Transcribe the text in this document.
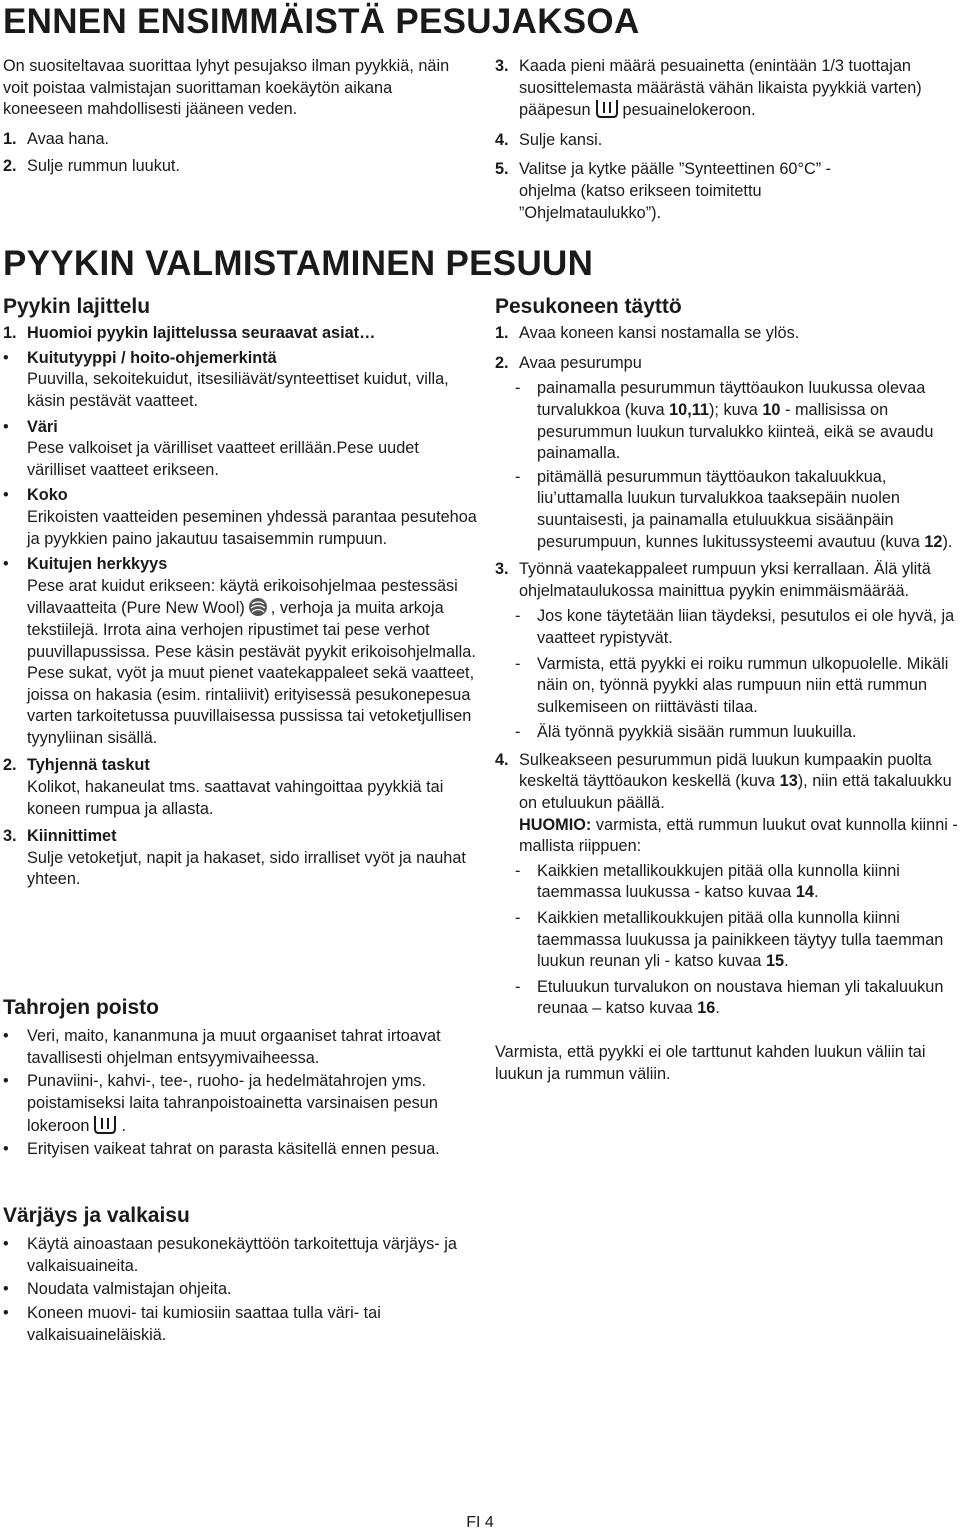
ENNEN ENSIMMÄISTÄ PESUJAKSOA

On suositeltavaa suorittaa lyhyt pesujakso ilman pyykkiä, näin voit poistaa valmistajan suorittaman koekäytön aikana koneeseen mahdollisesti jääneen veden.

1. Avaa hana.
2. Sulje rummun luukut.
3. Kaada pieni määrä pesuainetta (enintään 1/3 tuottajan suosittelemasta määrästä vähän likaista pyykkiä varten) pääpesun pesuainelokeroon.
4. Sulje kansi.
5. Valitse ja kytke päälle ”Synteettinen 60°C” - ohjelma (katso erikseen toimitettu ”Ohjelmataulukko”).
PYYKIN VALMISTAMINEN PESUUN
Pyykin lajittelu
1. Huomioi pyykin lajittelussa seuraavat asiat…
•	Kuitutyyppi / hoito-ohjemerkintä
Puuvilla, sekoitekuidut, itsesiliävät/synteettiset kuidut, villa, käsin pestävät vaatteet.
•	Väri
Pese valkoiset ja värilliset vaatteet erillään.Pese uudet värilliset vaatteet erikseen.
•	Koko
Erikoisten vaatteiden peseminen yhdessä parantaa pesutehoa ja pyykkien paino jakautuu tasaisemmin rumpuun.
•	Kuitujen herkkyys
Pese arat kuidut erikseen: käytä erikoisohjelmaa pestessäsi villavaatteita (Pure New Wool) , verhoja ja muita arkoja tekstiilejä. Irrota aina verhojen ripustimet tai pese verhot puuvillapussissa. Pese käsin pestävät pyykit erikoisohjelmalla. Pese sukat, vyöt ja muut pienet vaatekappaleet sekä vaatteet, joissa on hakasia (esim. rintaliivit) erityisessä pesukonepesua varten tarkoitetussa puuvillaisessa pussissa tai vetoketjullisen tyynyliinan sisällä.
2. Tyhjennä taskut
Kolikot, hakaneulat tms. saattavat vahingoittaa pyykkiä tai koneen rumpua ja allasta.
3. Kiinnittimet
Sulje vetoketjut, napit ja hakaset, sido irralliset vyöt ja nauhat yhteen.
Tahrojen poisto
•	Veri, maito, kananmuna ja muut orgaaniset tahrat irtoavat tavallisesti ohjelman entsyymivaiheessa.
•	Punaviini-, kahvi-, tee-, ruoho- ja hedelmätahrojen yms. poistamiseksi laita tahranpoistoainetta varsinaisen pesun lokeroon .
•	Erityisen vaikeat tahrat on parasta käsitellä ennen pesua.
Värjäys ja valkaisu
•	Käytä ainoastaan pesukonekäyttöön tarkoitettuja värjäys- ja valkaisuaineita.
•	Noudata valmistajan ohjeita.
•	Koneen muovi- tai kumiosiin saattaa tulla väri- tai valkaisuaineläiskiä.
Pesukoneen täyttö
1. Avaa koneen kansi nostamalla se ylös.
2. Avaa pesurumpu
-	painamalla pesurummun täyttöaukon luukussa olevaa turvalukkoa (kuva 10,11); kuva 10 - mallisissa on pesurummun luukun turvalukko kiinteä, eikä se avaudu painamalla.
-	pitämällä pesurummun täyttöaukon takaluukkua, liu’uttamalla luukun turvalukkoa taaksepäin nuolen suuntaisesti, ja painamalla etuluukkua sisäänpäin pesurumpuun, kunnes lukitussysteemi avautuu (kuva 12).
3. Työnnä vaatekappaleet rumpuun yksi kerrallaan. Älä ylitä ohjelmataulukossa mainittua pyykin enimmäismäärää.
-	Jos kone täytetään liian täydeksi, pesutulos ei ole hyvä, ja vaatteet rypistyvät.
-	Varmista, että pyykki ei roiku rummun ulkopuolelle. Mikäli näin on, työnnä pyykki alas rumpuun niin että rummun sulkemiseen on riittävästi tilaa.
-	Älä työnnä pyykkiä sisään rummun luukuilla.
4. Sulkeakseen pesurummun pidä luukun kumpaakin puolta keskeltä täyttöaukon keskellä (kuva 13), niin että takaluukku on etuluukun päällä.
HUOMIO: varmista, että rummun luukut ovat kunnolla kiinni - mallista riippuen:
-	Kaikkien metallikoukkujen pitää olla kunnolla kiinni taemmassa luukussa - katso kuvaa 14.
-	Kaikkien metallikoukkujen pitää olla kunnolla kiinni taemmassa luukussa ja painikkeen täytyy tulla taemman luukun reunan yli - katso kuvaa 15.
-	Etuluukun turvalukon on noustava hieman yli takaluukun reunaa – katso kuvaa 16.

Varmista, että pyykki ei ole tarttunut kahden luukun väliin tai luukun ja rummun väliin.

FI 4
